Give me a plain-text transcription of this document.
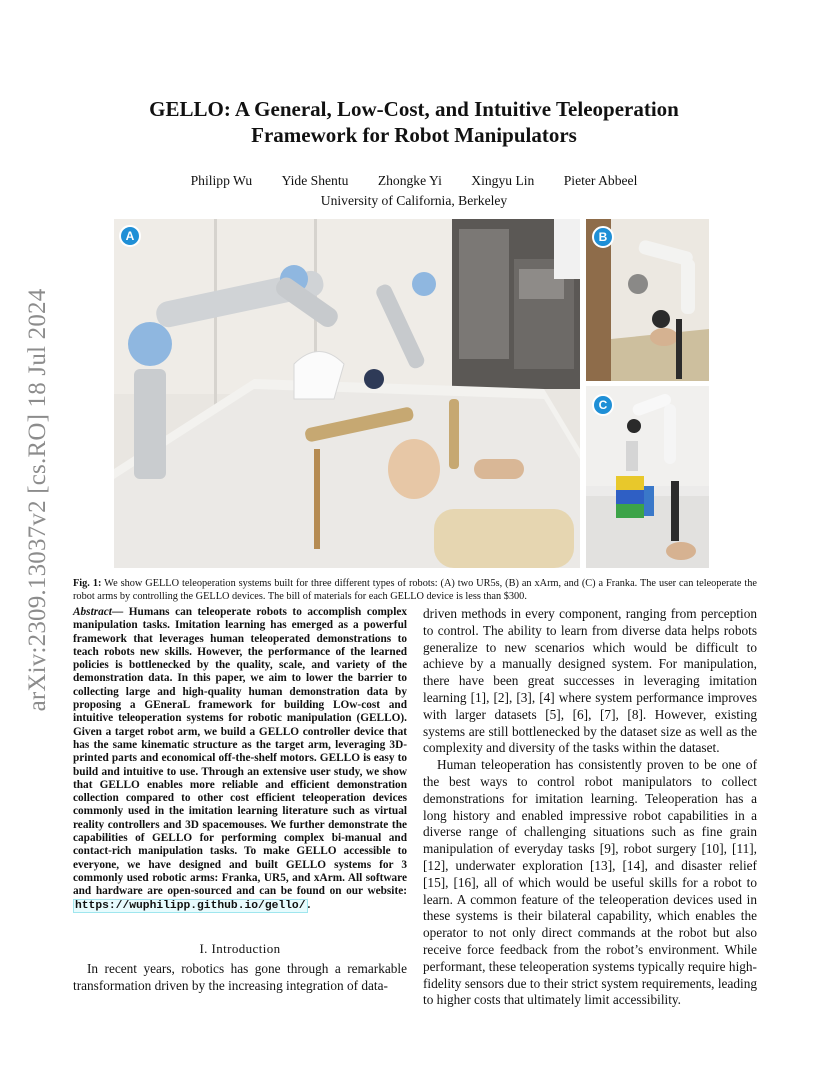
arXiv:2309.13037v2 [cs.RO] 18 Jul 2024
GELLO: A General, Low-Cost, and Intuitive Teleoperation
Framework for Robot Manipulators
Philipp Wu Yide Shentu Zhongke Yi Xingyu Lin Pieter Abbeel
University of California, Berkeley
A	B
C
Fig. 1: We show GELLO teleoperation systems built for three different types of robots: (A) two UR5s, (B) an xArm, and (C) a Franka. The user can teleoperate the robot arms by controlling the GELLO devices. The bill of materials for each GELLO device is less than $300.

Abstract— Humans can teleoperate robots to accomplish complex manipulation tasks. Imitation learning has emerged as a powerful framework that leverages human teleoperated demonstrations to teach robots new skills. However, the performance of the learned policies is bottlenecked by the quality, scale, and variety of the demonstration data. In this paper, we aim to lower the barrier to collecting large and high-quality human demonstration data by proposing a GEneraL framework for building LOw-cost and intuitive teleoperation systems for robotic manipulation (GELLO). Given a target robot arm, we build a GELLO controller device that has the same kinematic structure as the target arm, leveraging 3D-printed parts and economical off-the-shelf motors. GELLO is easy to build and intuitive to use. Through an extensive user study, we show that GELLO enables more reliable and efficient demonstration collection compared to other cost efficient teleoperation devices commonly used in the imitation learning literature such as virtual reality controllers and 3D spacemouses. We further demonstrate the capabilities of GELLO for performing complex bi-manual and contact-rich manipulation tasks. To make GELLO accessible to everyone, we have designed and built GELLO systems for 3 commonly used robotic arms: Franka, UR5, and xArm. All software and hardware are open-sourced and can be found on our website: https://wuphilipp.github.io/gello/ .

I. Introduction

In recent years, robotics has gone through a remarkable transformation driven by the increasing integration of data-

driven methods in every component, ranging from perception to control. The ability to learn from diverse data helps robots generalize to new scenarios which would be difficult to achieve by a manually designed system. For manipulation, there have been great successes in leveraging imitation learning [1], [2], [3], [4] where system performance improves with larger datasets [5], [6], [7], [8]. However, existing systems are still bottlenecked by the dataset size as well as the complexity and diversity of the tasks within the dataset.

Human teleoperation has consistently proven to be one of the best ways to control robot manipulators to collect demonstrations for imitation learning. Teleoperation has a long history and enabled impressive robot capabilities in a diverse range of challenging situations such as fine grain manipulation of everyday tasks [9], robot surgery [10], [11], [12], underwater exploration [13], [14], and disaster relief [15], [16], all of which would be useful skills for a robot to learn. A common feature of the teleoperation devices used in these systems is their bilateral capability, which enables the operator to not only direct commands at the robot but also receive force feedback from the robot’s environment. While performant, these teleoperation systems typically require high-fidelity sensors due to their strict system requirements, leading to higher costs that ultimately limit accessibility.
